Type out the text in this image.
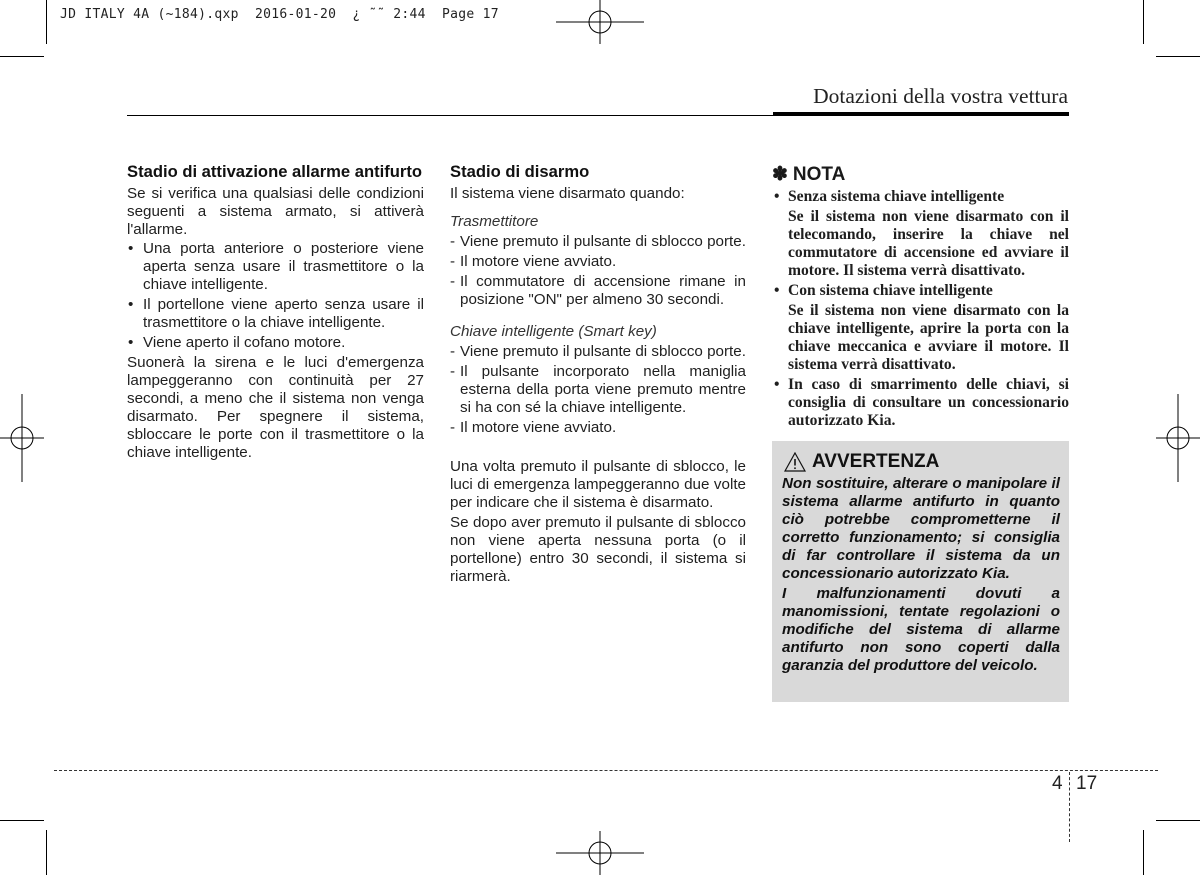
JD ITALY 4A (~184).qxp  2016-01-20  ¿ ˜˜ 2:44  Page 17
Dotazioni della vostra vettura
Stadio di attivazione allarme antifurto

Se si verifica una qualsiasi delle condizioni seguenti a sistema armato, si attiverà l'allarme.

• Una porta anteriore o posteriore viene aperta senza usare il trasmettitore o la chiave intelligente.
• Il portellone viene aperto senza usare il trasmettitore o la chiave intelligente.
• Viene aperto il cofano motore.

Suonerà la sirena e le luci d'emergenza lampeggeranno con continuità per 27 secondi, a meno che il sistema non venga disarmato. Per spegnere il sistema, sbloccare le porte con il trasmettitore o la chiave intelligente.

Stadio di disarmo

Il sistema viene disarmato quando:

Trasmettitore

- Viene premuto il pulsante di sblocco porte.
- Il motore viene avviato.
- Il commutatore di accensione rimane in posizione "ON" per almeno 30 secondi.

Chiave intelligente (Smart key)

- Viene premuto il pulsante di sblocco porte.
- Il pulsante incorporato nella maniglia esterna della porta viene premuto mentre si ha con sé la chiave intelligente.
- Il motore viene avviato.

Una volta premuto il pulsante di sblocco, le luci di emergenza lampeggeranno due volte per indicare che il sistema è disarmato.

Se dopo aver premuto il pulsante di sblocco non viene aperta nessuna porta (o il portellone) entro 30 secondi, il sistema si riarmerà.

✽ NOTA
• Senza sistema chiave intelligente

Se il sistema non viene disarmato con il telecomando, inserire la chiave nel commutatore di accensione ed avviare il motore. Il sistema verrà disattivato.

• Con sistema chiave intelligente

Se il sistema non viene disarmato con la chiave intelligente, aprire la porta con la chiave meccanica e avviare il motore. Il sistema verrà disattivato.

• In caso di smarrimento delle chiavi, si consiglia di consultare un concessionario autorizzato Kia.

AVVERTENZA

Non sostituire, alterare o manipolare il sistema allarme antifurto in quanto ciò potrebbe comprometterne il corretto funzionamento; si consiglia di far controllare il sistema da un concessionario autorizzato Kia.

I malfunzionamenti dovuti a manomissioni, tentate regolazioni o modifiche del sistema di allarme antifurto non sono coperti dalla garanzia del produttore del veicolo.

4 17
